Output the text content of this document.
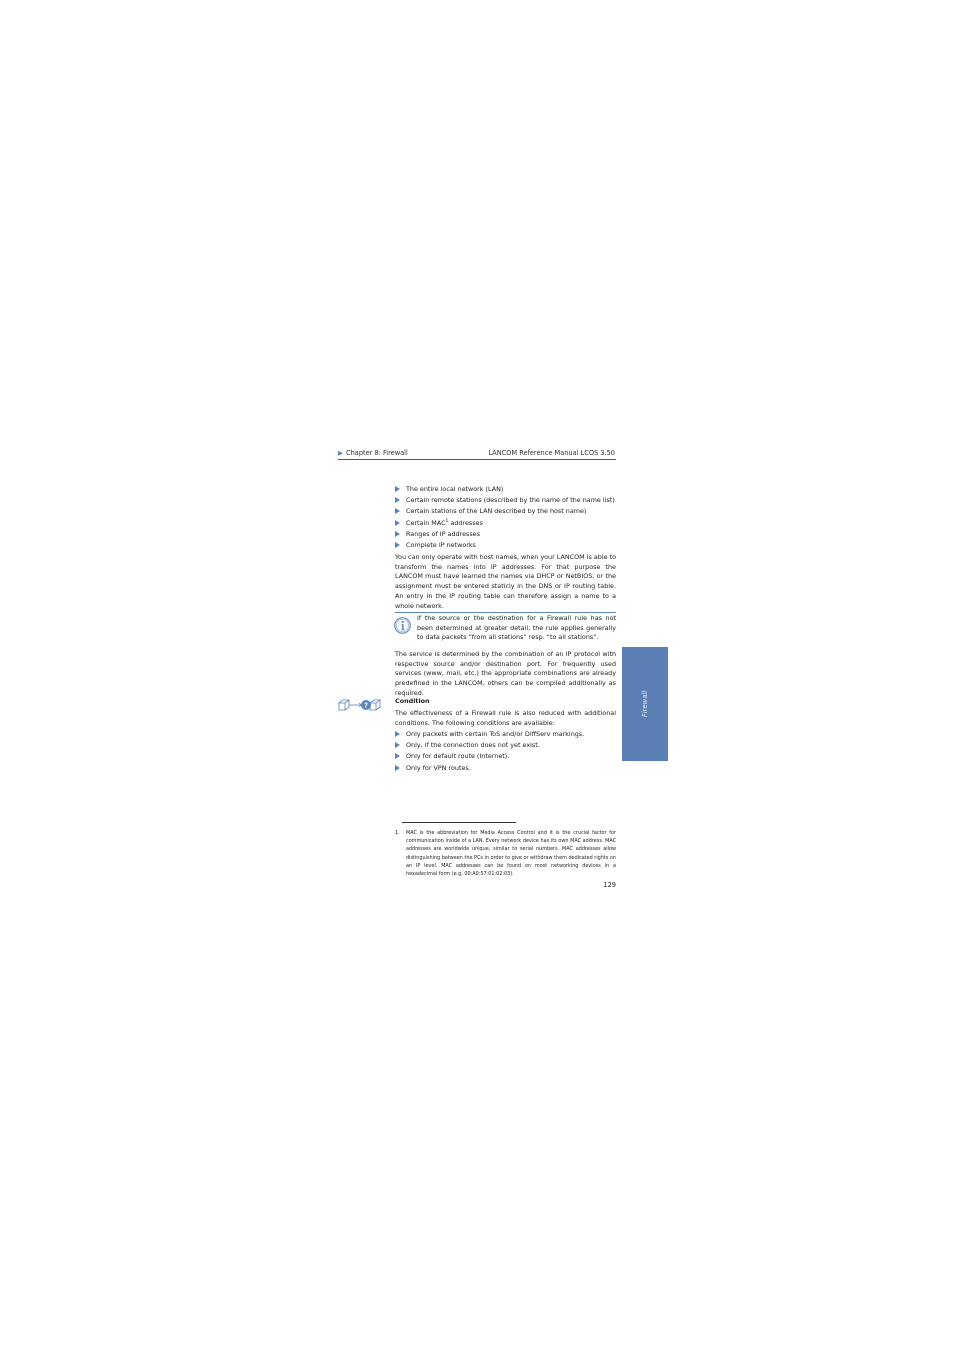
▶ Chapter 8: Firewall	LANCOM Reference Manual LCOS 3.50
Firewall
The entire local network (LAN)
Certain remote stations (described by the name of the name list)
Certain stations of the LAN described by the host name)
Certain MAC$^1$ addresses
Ranges of IP addresses
Complete IP networks

You can only operate with host names, when your LANCOM is able to transform the names into IP addresses. For that purpose the LANCOM must have learned the names via DHCP or NetBIOS, or the assignment must be entered staticly in the DNS or IP routing table. An entry in the IP routing table can therefore assign a name to a whole network.

If the source or the destination for a Firewall rule has not been determined at greater detail, the rule applies generally to data packets “from all stations” resp. “to all stations”.

The service is determined by the combination of an IP protocol with respective source and/or destination port. For frequently used services (www, mail, etc.) the appropriate combinations are already predefined in the LANCOM, others can be compiled additionally as required.

?

Condition

The effectiveness of a Firewall rule is also reduced with additional conditions. The following conditions are available:

Only packets with certain ToS and/or DiffServ markings.
Only, if the connection does not yet exist.
Only for default route (Internet).
Only for VPN routes.
1. MAC is the abbreviation for Media Access Control and it is the crucial factor for communication inside of a LAN. Every network device has its own MAC address. MAC addresses are worldwide unique, similar to serial numbers. MAC addresses allow distinguishing between the PCs in order to give or withdraw them dedicated rights on an IP level. MAC addresses can be found on most networking devices in a hexadecimal form (e.g. 00:A0:57:01:02:03).
129
